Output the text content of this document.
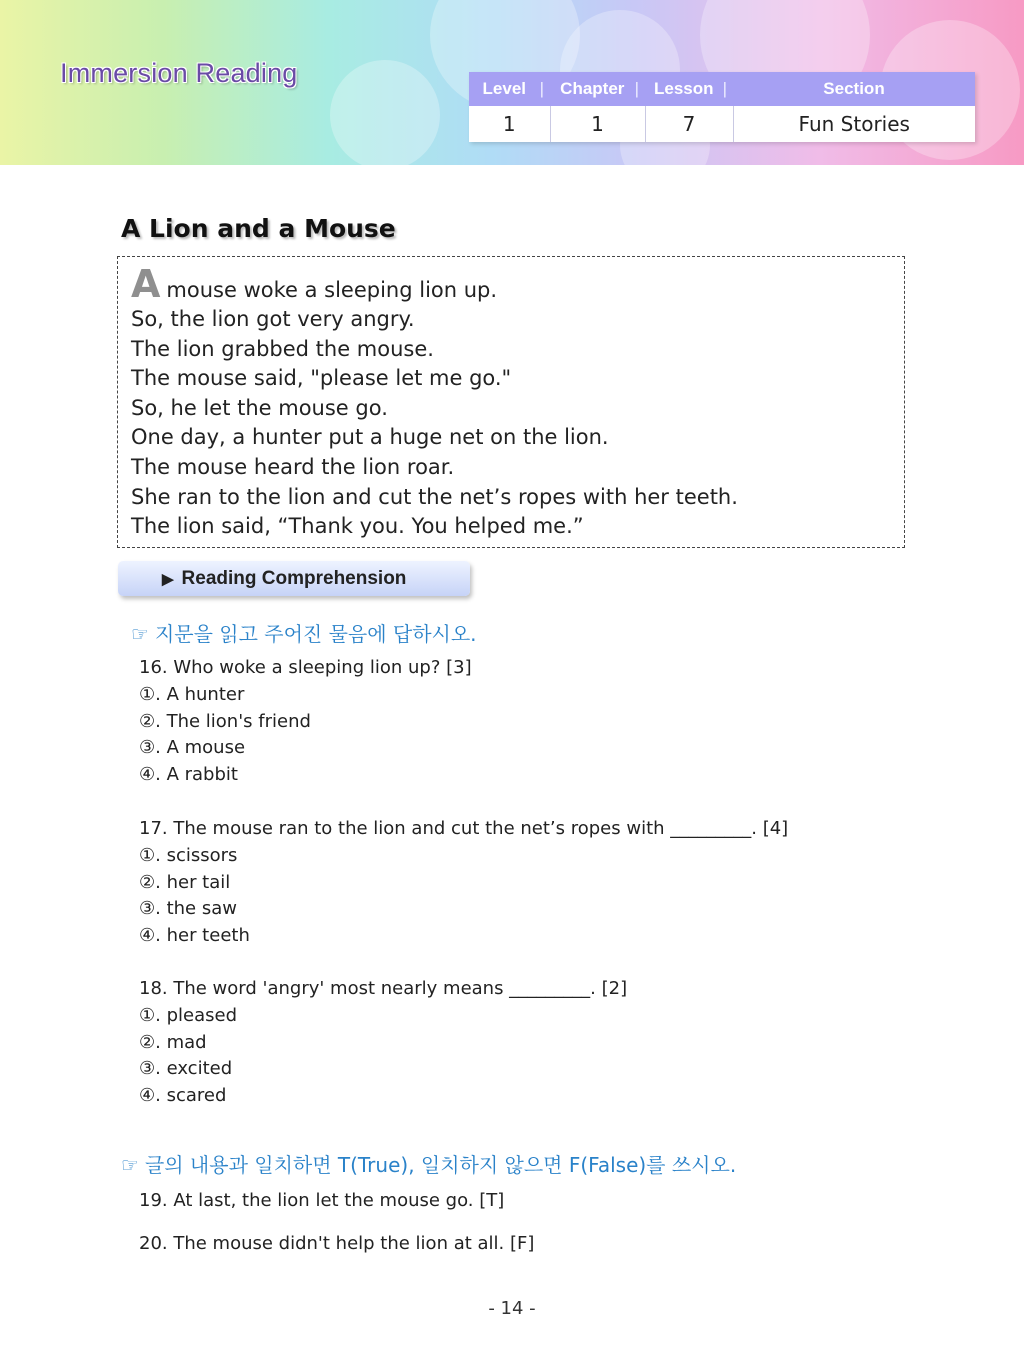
Immersion Reading
Level |	Chapter |	Lesson |	Section
1	1	7	Fun Stories
A Lion and a Mouse
Amouse woke a sleeping lion up.
So, the lion got very angry.
The lion grabbed the mouse.
The mouse said, "please let me go."
So, he let the mouse go.
One day, a hunter put a huge net on the lion.
The mouse heard the lion roar.
She ran to the lion and cut the net’s ropes with her teeth.
The lion said, “Thank you. You helped me.”
▶ Reading Comprehension
☞ 지문을 읽고 주어진 물음에 답하시오.
16. Who woke a sleeping lion up? [3]
①. A hunter
②. The lion's friend
③. A mouse
④. A rabbit
17. The mouse ran to the lion and cut the net’s ropes with _________. [4]
①. scissors
②. her tail
③. the saw
④. her teeth
18. The word 'angry' most nearly means _________. [2]
①. pleased
②. mad
③. excited
④. scared
☞ 글의 내용과 일치하면 T(True), 일치하지 않으면 F(False)를 쓰시오.
19. At last, the lion let the mouse go. [T]
20. The mouse didn't help the lion at all. [F]
- 14 -
